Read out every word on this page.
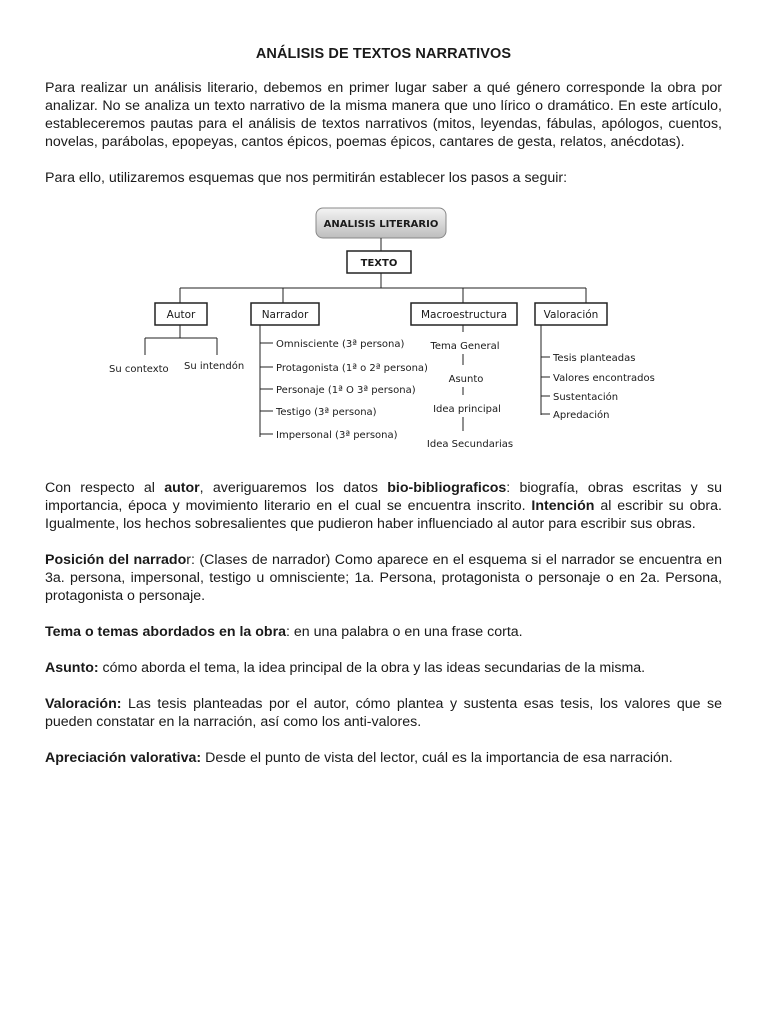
ANÁLISIS DE TEXTOS NARRATIVOS

Para realizar un análisis literario, debemos en primer lugar saber a qué género corresponde la obra por analizar. No se analiza un texto narrativo de la misma manera que uno lírico o dramático. En este artículo, estableceremos pautas para el análisis de textos narrativos (mitos, leyendas, fábulas, apólogos, cuentos, novelas, parábolas, epopeyas, cantos épicos, poemas épicos, cantares de gesta, relatos, anécdotas).

Para ello, utilizaremos esquemas que nos permitirán establecer los pasos a seguir:

ANALISIS LITERARIO
TEXTO
Autor	Narrador	Macroestructura	Valoración
Su contexto Su intendón
Omnisciente (3ª persona)
Protagonista (1ª o 2ª persona)
Personaje (1ª O 3ª persona)
Testigo (3ª persona)
Impersonal (3ª persona)
Tema General
Asunto
Idea principal
Idea Secundarias
Tesis planteadas
Valores encontrados
Sustentación
Apredación

Con respecto al autor, averiguaremos los datos bio-bibliograficos: biografía, obras escritas y su importancia, época y movimiento literario en el cual se encuentra inscrito. Intención al escribir su obra. Igualmente, los hechos sobresalientes que pudieron haber influenciado al autor para escribir sus obras.

Posición del narrador: (Clases de narrador) Como aparece en el esquema si el narrador se encuentra en 3a. persona, impersonal, testigo u omnisciente; 1a. Persona, protagonista o personaje o en 2a. Persona, protagonista o personaje.

Tema o temas abordados en la obra: en una palabra o en una frase corta.

Asunto: cómo aborda el tema, la idea principal de la obra y las ideas secundarias de la misma.

Valoración: Las tesis planteadas por el autor, cómo plantea y sustenta esas tesis, los valores que se pueden constatar en la narración, así como los anti-valores.

Apreciación valorativa: Desde el punto de vista del lector, cuál es la importancia de esa narración.
